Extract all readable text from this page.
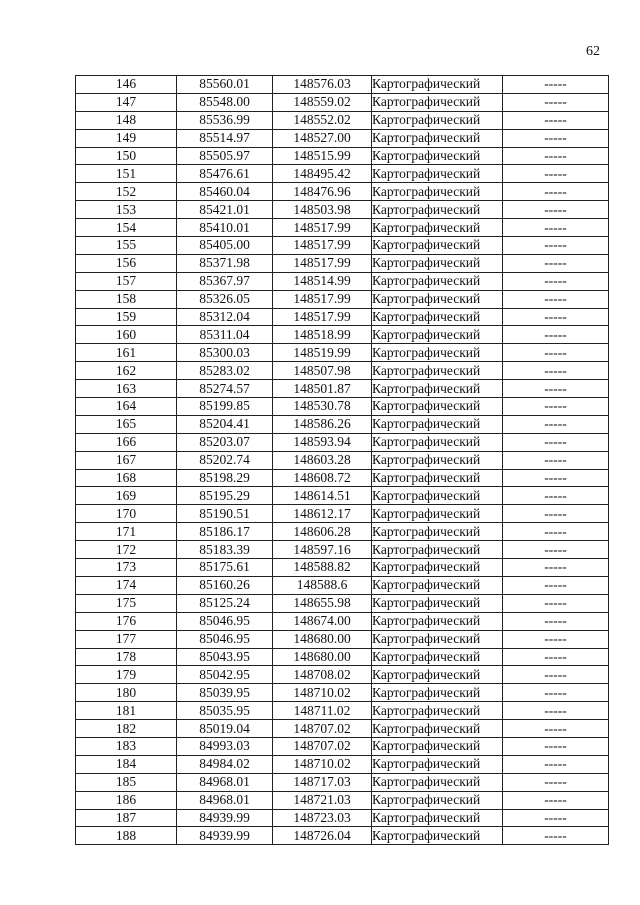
62
146	85560.01	148576.03	Картографический	-----
147	85548.00	148559.02	Картографический	-----
148	85536.99	148552.02	Картографический	-----
149	85514.97	148527.00	Картографический	-----
150	85505.97	148515.99	Картографический	-----
151	85476.61	148495.42	Картографический	-----
152	85460.04	148476.96	Картографический	-----
153	85421.01	148503.98	Картографический	-----
154	85410.01	148517.99	Картографический	-----
155	85405.00	148517.99	Картографический	-----
156	85371.98	148517.99	Картографический	-----
157	85367.97	148514.99	Картографический	-----
158	85326.05	148517.99	Картографический	-----
159	85312.04	148517.99	Картографический	-----
160	85311.04	148518.99	Картографический	-----
161	85300.03	148519.99	Картографический	-----
162	85283.02	148507.98	Картографический	-----
163	85274.57	148501.87	Картографический	-----
164	85199.85	148530.78	Картографический	-----
165	85204.41	148586.26	Картографический	-----
166	85203.07	148593.94	Картографический	-----
167	85202.74	148603.28	Картографический	-----
168	85198.29	148608.72	Картографический	-----
169	85195.29	148614.51	Картографический	-----
170	85190.51	148612.17	Картографический	-----
171	85186.17	148606.28	Картографический	-----
172	85183.39	148597.16	Картографический	-----
173	85175.61	148588.82	Картографический	-----
174	85160.26	148588.6	Картографический	-----
175	85125.24	148655.98	Картографический	-----
176	85046.95	148674.00	Картографический	-----
177	85046.95	148680.00	Картографический	-----
178	85043.95	148680.00	Картографический	-----
179	85042.95	148708.02	Картографический	-----
180	85039.95	148710.02	Картографический	-----
181	85035.95	148711.02	Картографический	-----
182	85019.04	148707.02	Картографический	-----
183	84993.03	148707.02	Картографический	-----
184	84984.02	148710.02	Картографический	-----
185	84968.01	148717.03	Картографический	-----
186	84968.01	148721.03	Картографический	-----
187	84939.99	148723.03	Картографический	-----
188	84939.99	148726.04	Картографический	-----
